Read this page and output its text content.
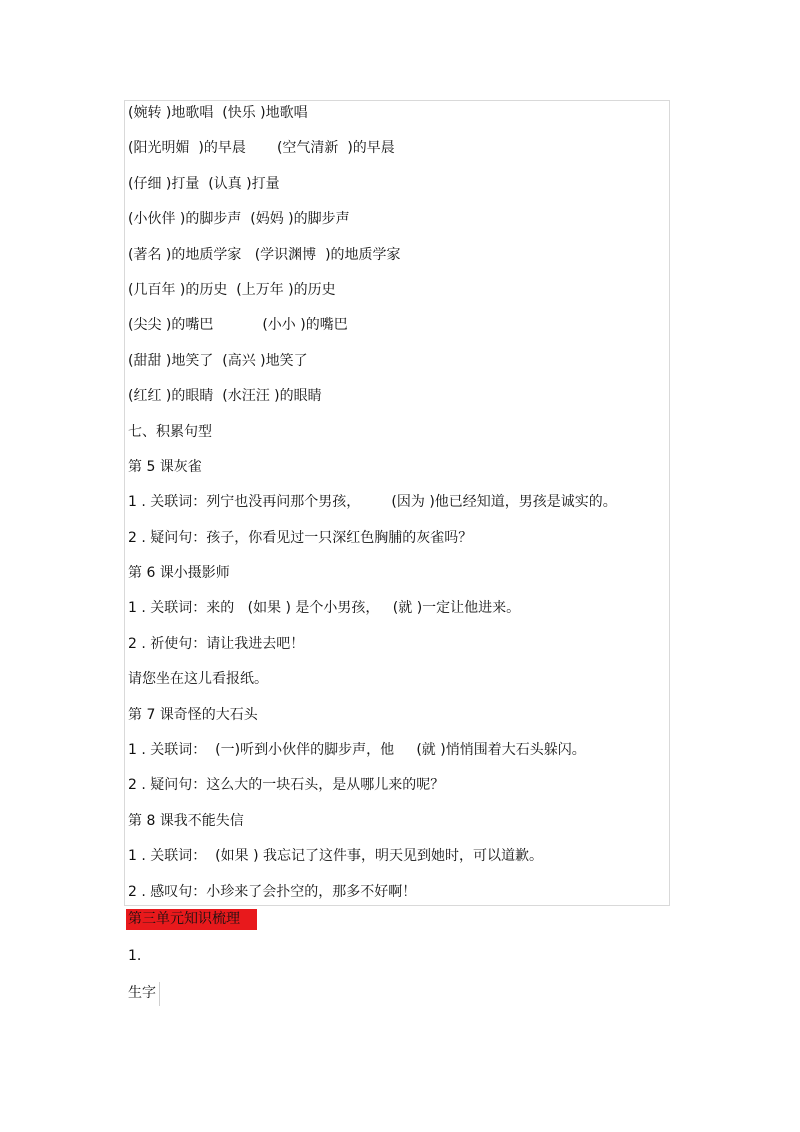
(婉转 )地歌唱  (快乐 )地歌唱
(阳光明媚  )的早晨       (空气清新  )的早晨
(仔细 )打量  (认真 )打量
(小伙伴 )的脚步声  (妈妈 )的脚步声
(著名 )的地质学家   (学识渊博  )的地质学家
(几百年 )的历史  (上万年 )的历史
(尖尖 )的嘴巴           (小小 )的嘴巴
(甜甜 )地笑了  (高兴 )地笑了
(红红 )的眼睛  (水汪汪 )的眼睛
七、积累句型
第 5 课灰雀
1 . 关联词：列宁也没再问那个男孩，       (因为 )他已经知道，男孩是诚实的。
2 . 疑问句：孩子，你看见过一只深红色胸脯的灰雀吗？
第 6 课小摄影师
1 . 关联词：来的   (如果 ) 是个小男孩，   (就 )一定让他进来。
2 . 祈使句：请让我进去吧！
请您坐在这儿看报纸。
第 7 课奇怪的大石头
1 . 关联词：  (一)听到小伙伴的脚步声，他     (就 )悄悄围着大石头躲闪。
2 . 疑问句：这么大的一块石头，是从哪儿来的呢？
第 8 课我不能失信
1 . 关联词：  (如果 ) 我忘记了这件事，明天见到她时，可以道歉。
2 . 感叹句：小珍来了会扑空的，那多不好啊！
第三单元知识梳理
1.
生字
